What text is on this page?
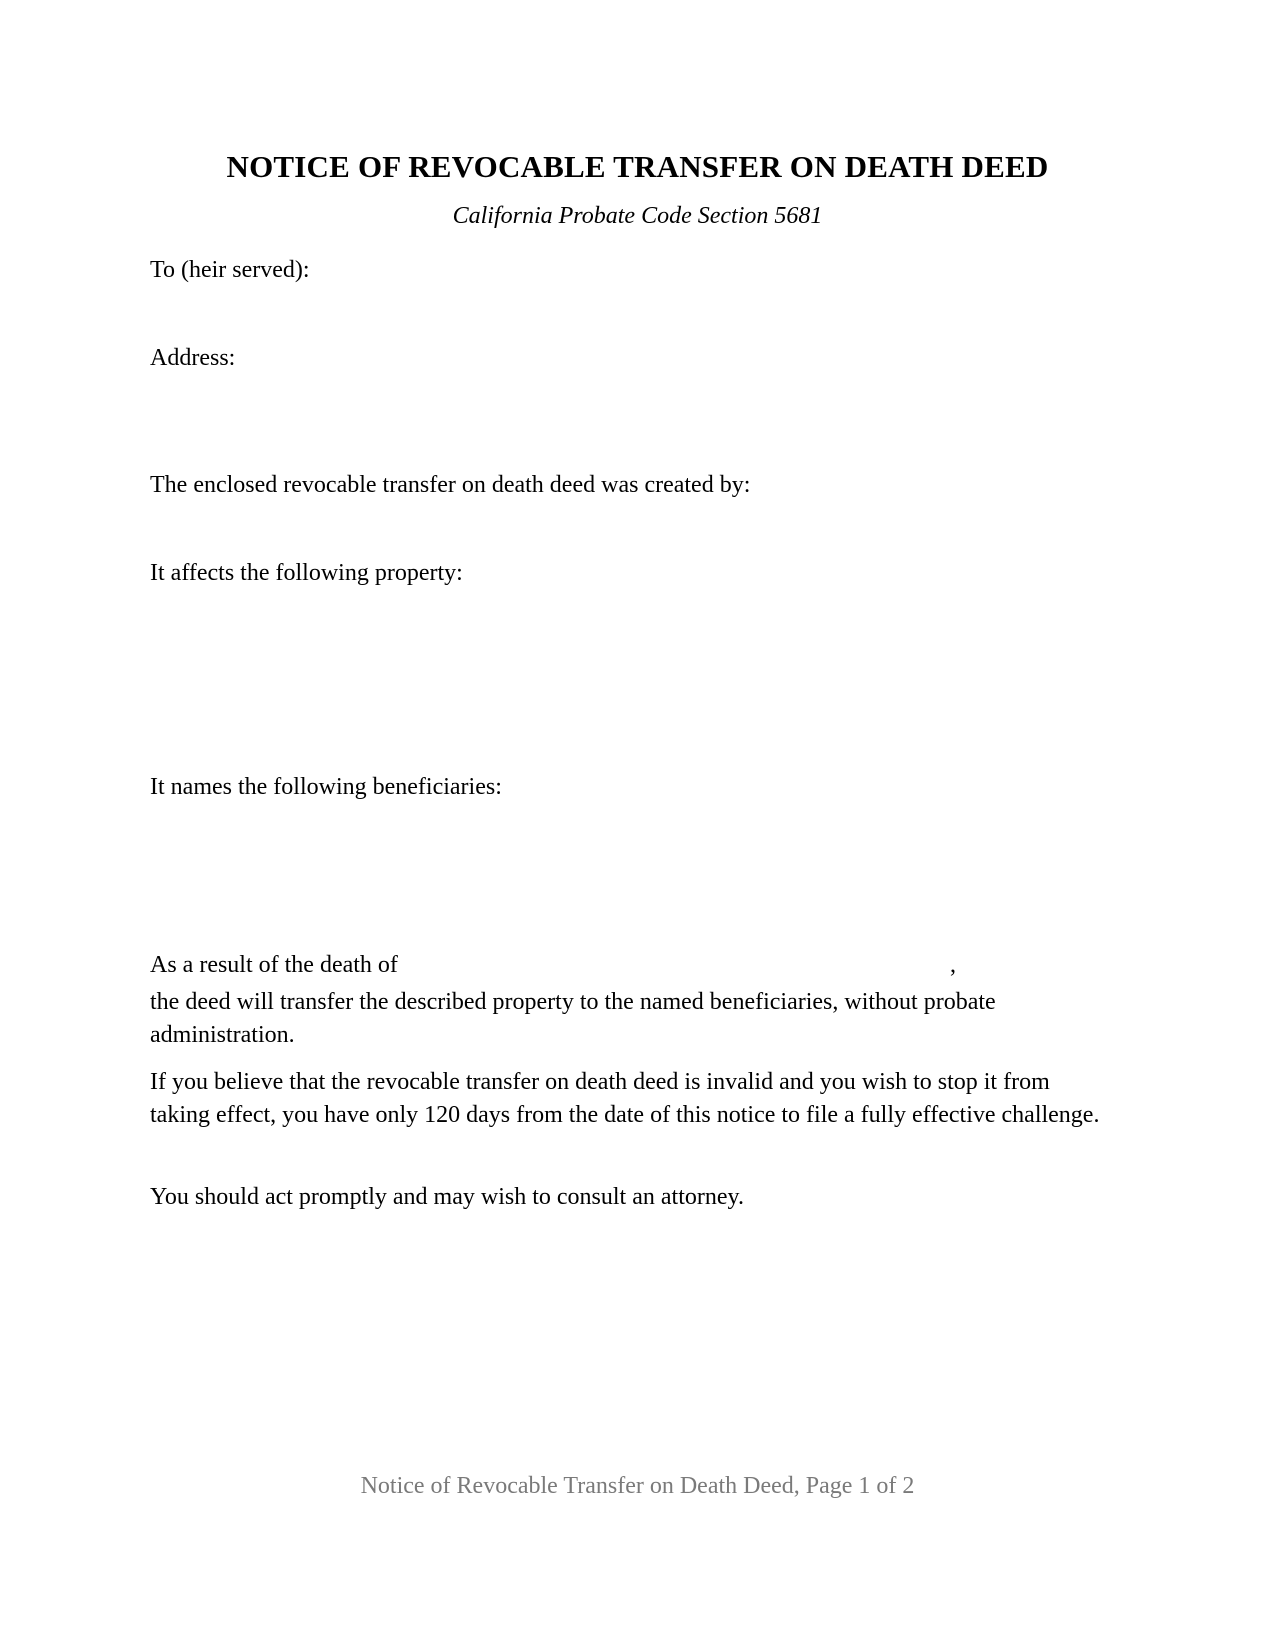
NOTICE OF REVOCABLE TRANSFER ON DEATH DEED
California Probate Code Section 5681
To (heir served):
Address:
The enclosed revocable transfer on death deed was created by:
It affects the following property:
It names the following beneficiaries:
As a result of the death of	,
the deed will transfer the described property to the named beneficiaries, without probate administration.
If you believe that the revocable transfer on death deed is invalid and you wish to stop it from taking effect, you have only 120 days from the date of this notice to file a fully effective challenge.
You should act promptly and may wish to consult an attorney.
Notice of Revocable Transfer on Death Deed, Page 1 of 2
